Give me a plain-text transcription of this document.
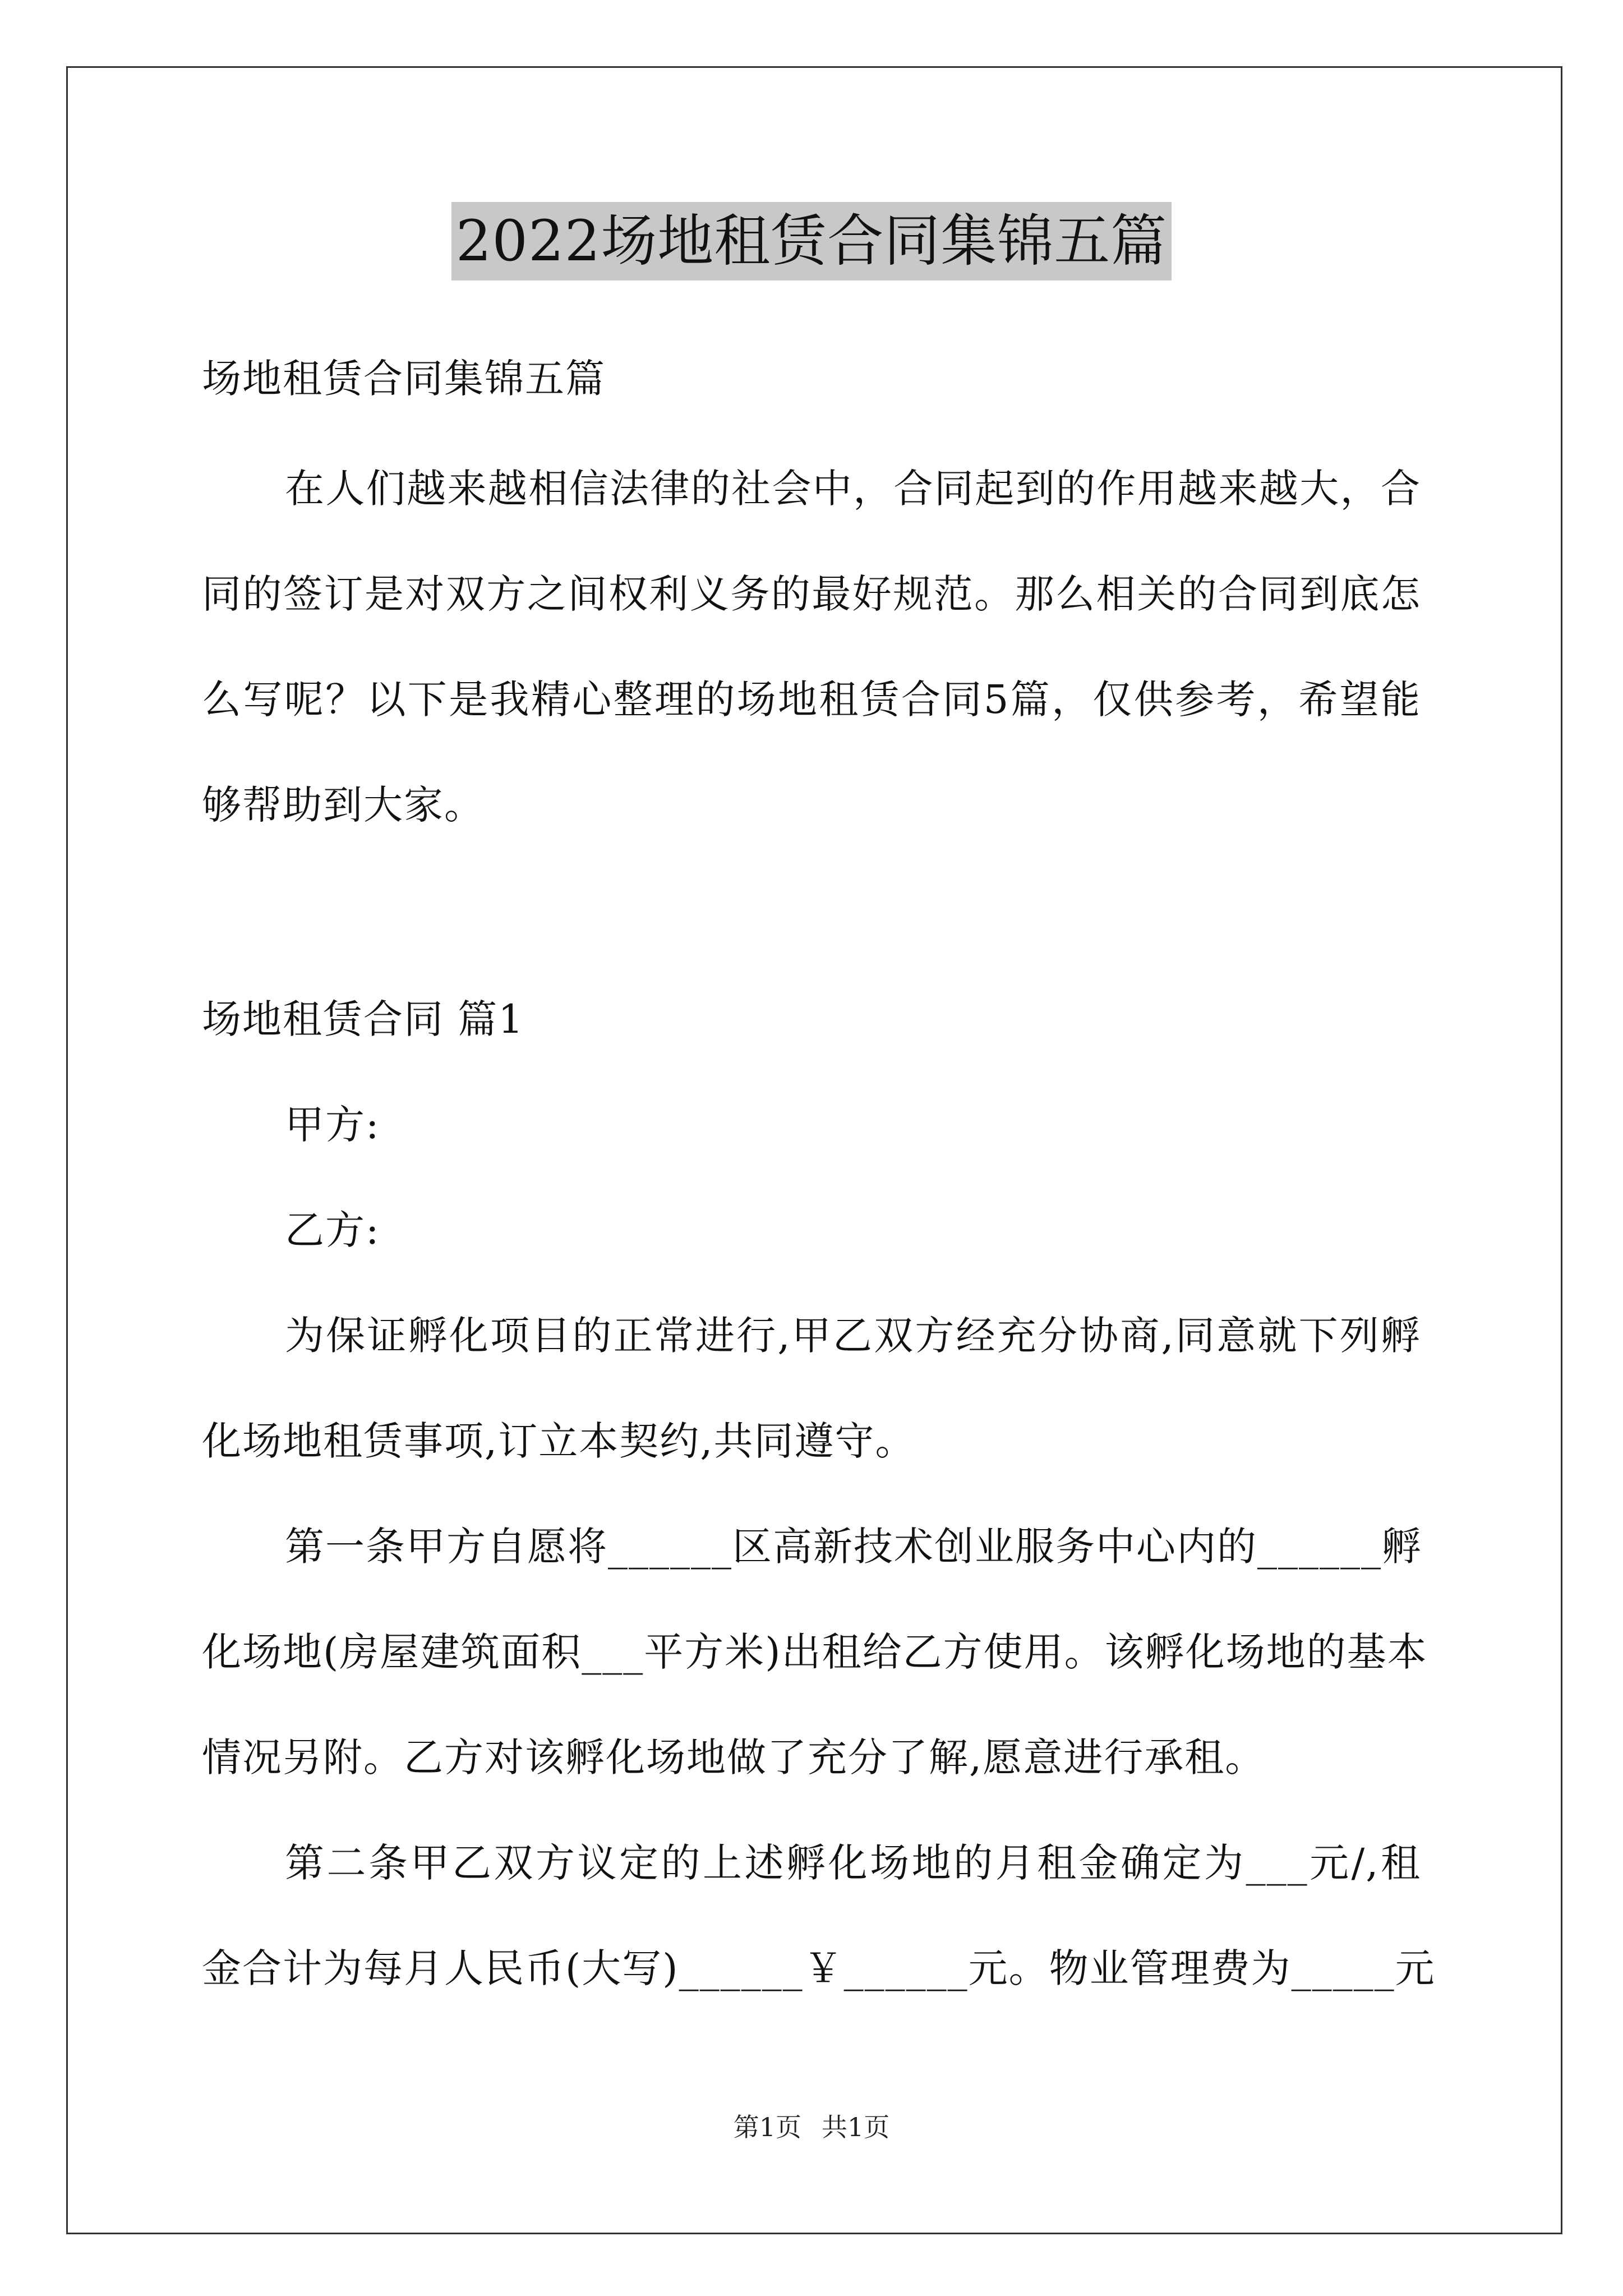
2022场地租赁合同集锦五篇
场地租赁合同集锦五篇
在人们越来越相信法律的社会中，合同起到的作用越来越大，合
同的签订是对双方之间权利义务的最好规范。那么相关的合同到底怎
么写呢？以下是我精心整理的场地租赁合同5篇，仅供参考，希望能
够帮助到大家。
场地租赁合同 篇1
甲方:
乙方:
为保证孵化项目的正常进行,甲乙双方经充分协商,同意就下列孵
化场地租赁事项,订立本契约,共同遵守。
第一条甲方自愿将______区高新技术创业服务中心内的______孵
化场地(房屋建筑面积___平方米)出租给乙方使用。该孵化场地的基本
情况另附。乙方对该孵化场地做了充分了解,愿意进行承租。
第二条甲乙双方议定的上述孵化场地的月租金确定为___元/,租
金合计为每月人民币(大写)______￥______元。物业管理费为_____元
第1页 共1页
